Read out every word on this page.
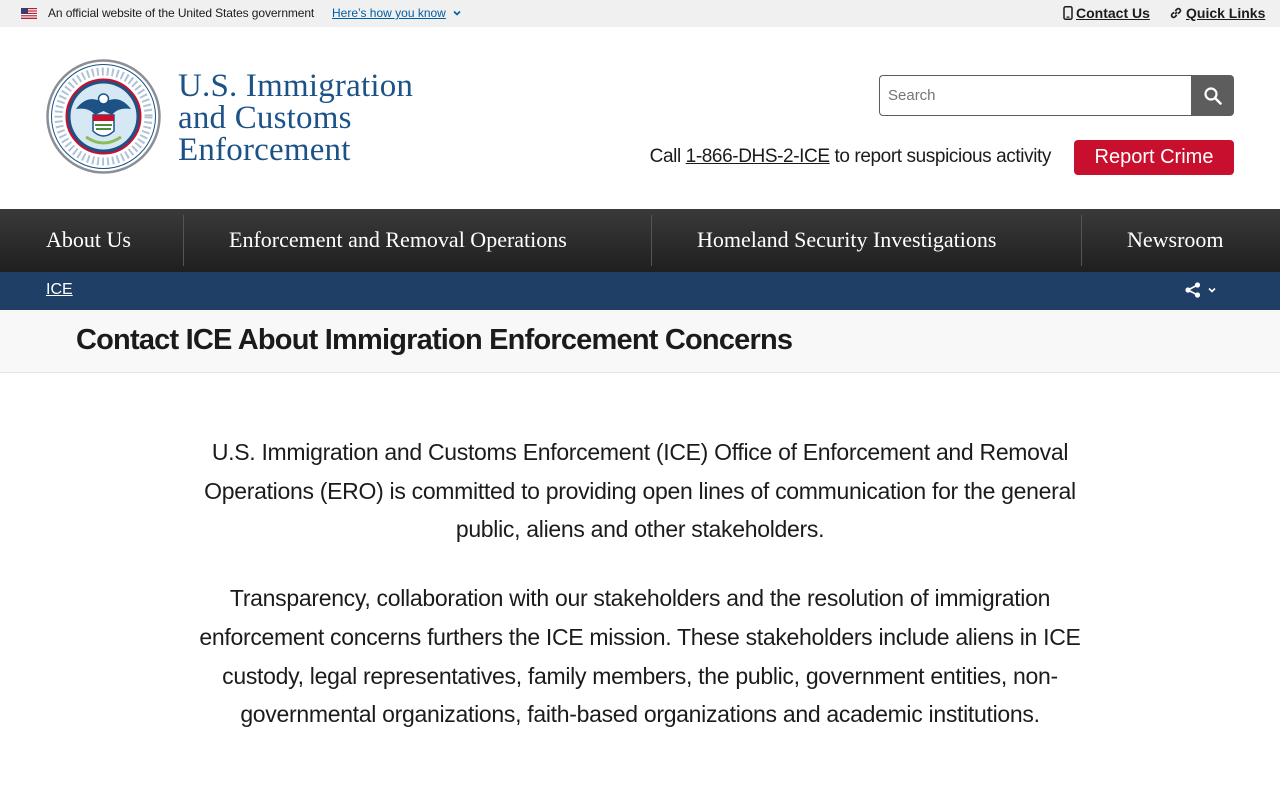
An official website of the United States government Here’s how you know	Contact Us	Quick Links
U.S. Immigration
and Customs
Enforcement
Search	Call 1-866-DHS-2-ICE to report suspicious activity	Report Crime
About Us	Enforcement and Removal Operations	Homeland Security Investigations	Newsroom
ICE
Contact ICE About Immigration Enforcement Concerns

U.S. Immigration and Customs Enforcement (ICE) Office of Enforcement and Removal Operations (ERO) is committed to providing open lines of communication for the general public, aliens and other stakeholders.

Transparency, collaboration with our stakeholders and the resolution of immigration enforcement concerns furthers the ICE mission. These stakeholders include aliens in ICE custody, legal representatives, family members, the public, government entities, non-governmental organizations, faith-based organizations and academic institutions.
